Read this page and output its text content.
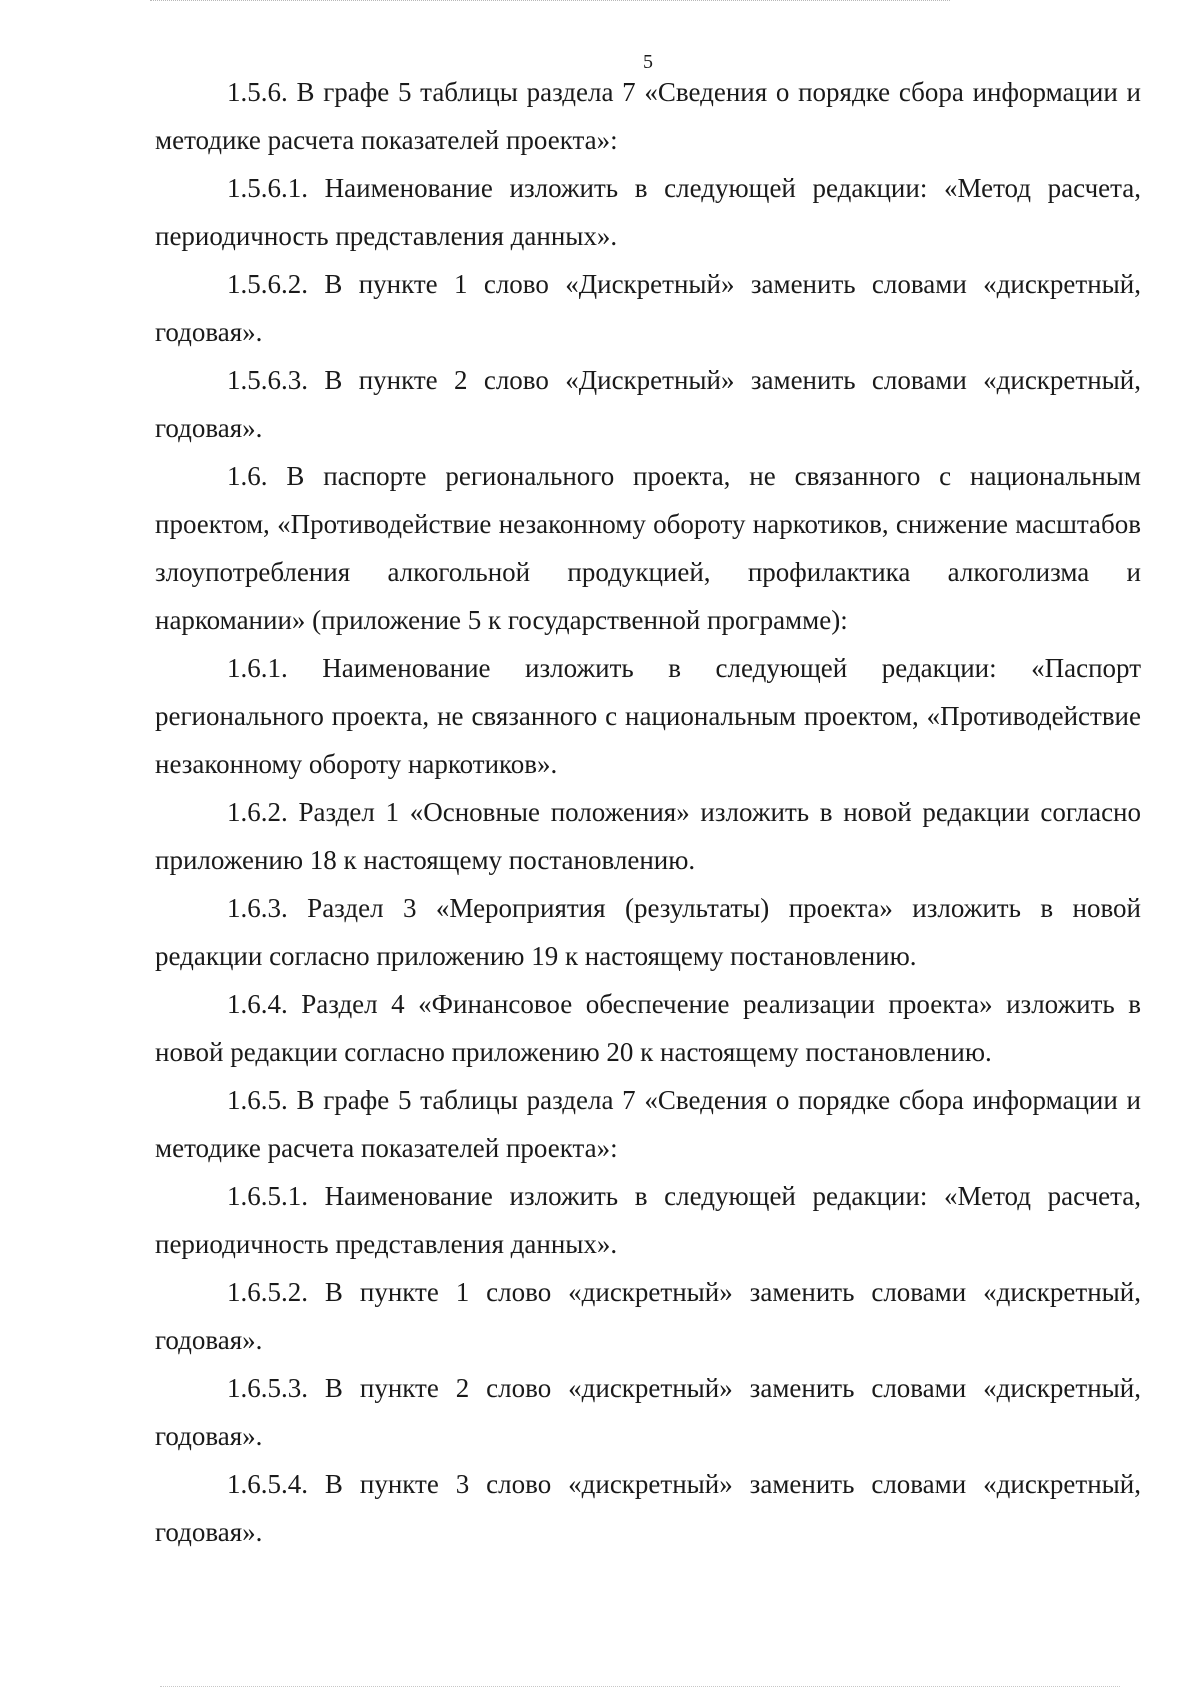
5

1.5.6. В графе 5 таблицы раздела 7 «Сведения о порядке сбора информации и методике расчета показателей проекта»:

1.5.6.1. Наименование изложить в следующей редакции: «Метод расчета, периодичность представления данных».

1.5.6.2. В пункте 1 слово «Дискретный» заменить словами «дискретный, годовая».

1.5.6.3. В пункте 2 слово «Дискретный» заменить словами «дискретный, годовая».

1.6. В паспорте регионального проекта, не связанного с национальным проектом, «Противодействие незаконному обороту наркотиков, снижение масштабов злоупотребления алкогольной продукцией, профилактика алкоголизма и наркомании» (приложение 5 к государственной программе):

1.6.1. Наименование изложить в следующей редакции: «Паспорт регионального проекта, не связанного с национальным проектом, «Противодействие незаконному обороту наркотиков».

1.6.2. Раздел 1 «Основные положения» изложить в новой редакции согласно приложению 18 к настоящему постановлению.

1.6.3. Раздел 3 «Мероприятия (результаты) проекта» изложить в новой редакции согласно приложению 19 к настоящему постановлению.

1.6.4. Раздел 4 «Финансовое обеспечение реализации проекта» изложить в новой редакции согласно приложению 20 к настоящему постановлению.

1.6.5. В графе 5 таблицы раздела 7 «Сведения о порядке сбора информации и методике расчета показателей проекта»:

1.6.5.1. Наименование изложить в следующей редакции: «Метод расчета, периодичность представления данных».

1.6.5.2. В пункте 1 слово «дискретный» заменить словами «дискретный, годовая».

1.6.5.3. В пункте 2 слово «дискретный» заменить словами «дискретный, годовая».

1.6.5.4. В пункте 3 слово «дискретный» заменить словами «дискретный, годовая».
